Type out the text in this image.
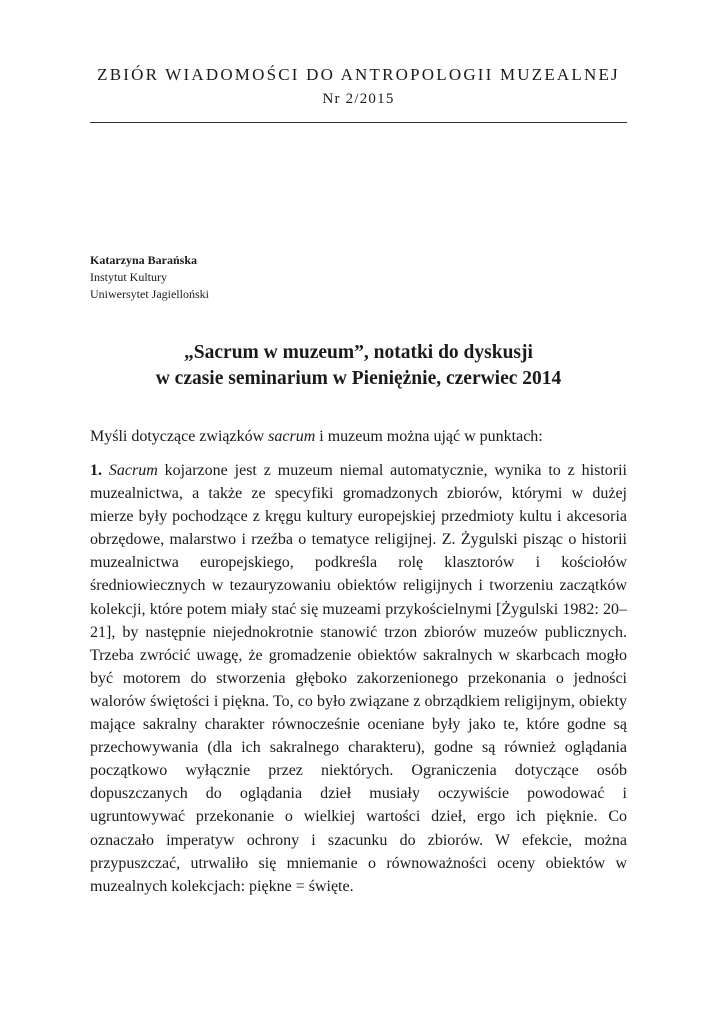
ZBIÓR WIADOMOŚCI DO ANTROPOLOGII MUZEALNEJ
Nr 2/2015
Katarzyna Barańska
Instytut Kultury
Uniwersytet Jagielloński
„Sacrum w muzeum”, notatki do dyskusji
w czasie seminarium w Pieniężnie, czerwiec 2014
Myśli dotyczące związków sacrum i muzeum można ująć w punktach:
1. Sacrum kojarzone jest z muzeum niemal automatycznie, wynika to z historii muzealnictwa, a także ze specyfiki gromadzonych zbiorów, którymi w dużej mierze były pochodzące z kręgu kultury europejskiej przedmioty kultu i akcesoria obrzędowe, malarstwo i rzeźba o tematyce religijnej. Z. Żygulski pisząc o historii muzealnictwa europejskiego, podkreśla rolę klasztorów i kościołów średniowiecznych w tezauryzowaniu obiektów religijnych i tworzeniu zaczątków kolekcji, które potem miały stać się muzeami przykościelnymi [Żygulski 1982: 20–21], by następnie niejednokrotnie stanowić trzon zbiorów muzeów publicznych. Trzeba zwrócić uwagę, że gromadzenie obiektów sakralnych w skarbcach mogło być motorem do stworzenia głęboko zakorzenionego przekonania o jedności walorów świętości i piękna. To, co było związane z obrządkiem religijnym, obiekty mające sakralny charakter równocześnie oceniane były jako te, które godne są przechowywania (dla ich sakralnego charakteru), godne są również oglądania początkowo wyłącznie przez niektórych. Ograniczenia dotyczące osób dopuszczanych do oglądania dzieł musiały oczywiście powodować i ugruntowywać przekonanie o wielkiej wartości dzieł, ergo ich pięknie. Co oznaczało imperatyw ochrony i szacunku do zbiorów. W efekcie, można przypuszczać, utrwaliło się mniemanie o równoważności oceny obiektów w muzealnych kolekcjach: piękne = święte.
